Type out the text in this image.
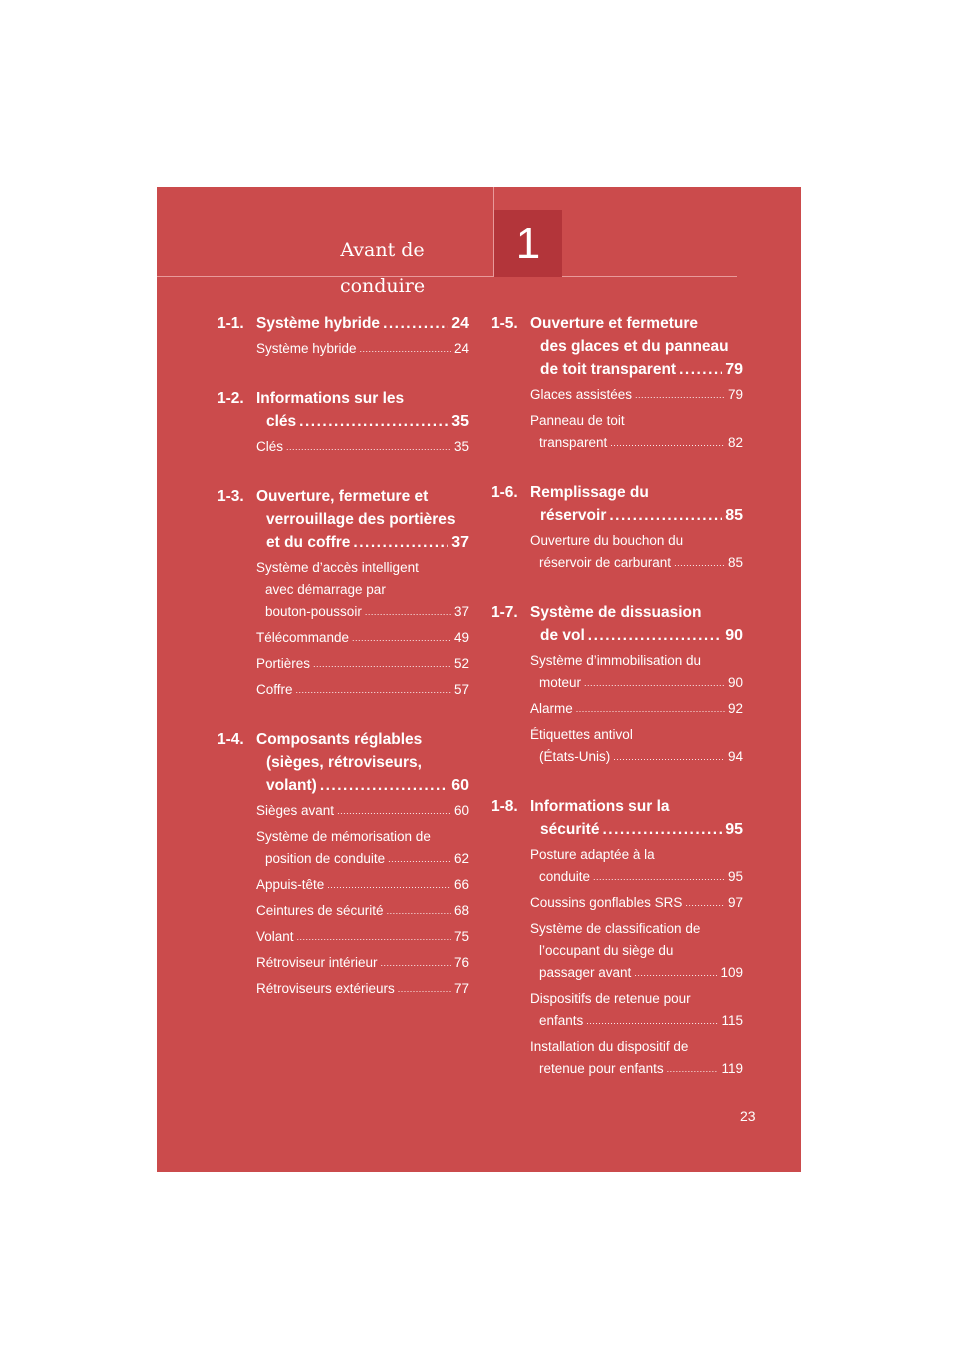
Avant de conduire
1
1-1. Système hybride .....	24
Système hybride .....	24
1-2. Informations sur les

clés .....	35
Clés .....	35
1-3. Ouverture, fermeture et

verrouillage des portières
et du coffre .....	37
Système d’accès intelligent

avec démarrage par
bouton-poussoir .....	37
Télécommande .....	49
Portières .....	52
Coffre .....	57
1-4. Composants réglables

(sièges, rétroviseurs,
volant) .....	60
Sièges avant .....	60
Système de mémorisation de

position de conduite .....	62
Appuis-tête .....	66
Ceintures de sécurité .....	68
Volant .....	75
Rétroviseur intérieur .....	76
Rétroviseurs extérieurs .....	77
1-5. Ouverture et fermeture

des glaces et du panneau
de toit transparent .....	79
Glaces assistées .....	79
Panneau de toit

transparent .....	82
1-6. Remplissage du

réservoir .....	85
Ouverture du bouchon du

réservoir de carburant .....	85
1-7. Système de dissuasion

de vol .....	90
Système d’immobilisation du

moteur .....	90
Alarme .....	92
Étiquettes antivol

(États-Unis) .....	94
1-8. Informations sur la

sécurité .....	95
Posture adaptée à la

conduite .....	95
Coussins gonflables SRS .....	97
Système de classification de

l’occupant du siège du
passager avant .....	109
Dispositifs de retenue pour

enfants .....	115
Installation du dispositif de

retenue pour enfants .....	119
23
